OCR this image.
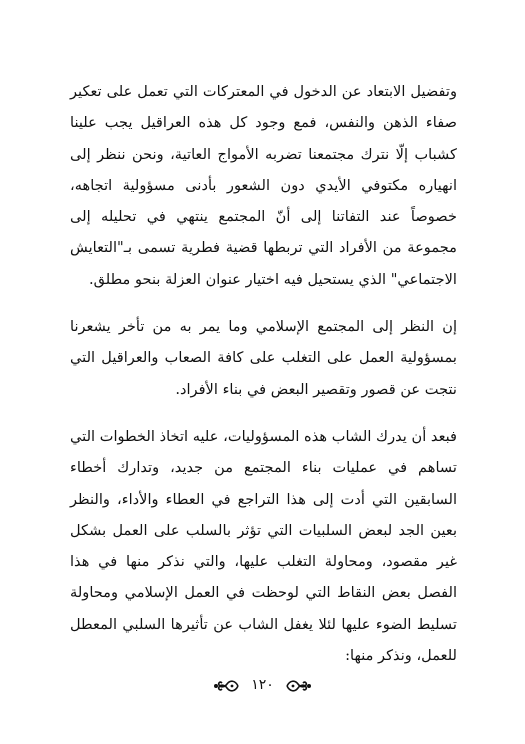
وتفضيل الابتعاد عن الدخول في المعتركات التي تعمل على تعكير صفاء الذهن والنفس، فمع وجود كل هذه العراقيل يجب علينا كشباب إلّا نترك مجتمعنا تضربه الأمواج العاتية، ونحن ننظر إلى انهياره مكتوفي الأيدي دون الشعور بأدنى مسؤولية اتجاهه، خصوصاً عند التفاتنا إلى أنّ المجتمع ينتهي في تحليله إلى مجموعة من الأفراد التي تربطها قضية فطرية تسمى بـ"التعايش الاجتماعي" الذي يستحيل فيه اختيار عنوان العزلة بنحو مطلق.

إن النظر إلى المجتمع الإسلامي وما يمر به من تأخر يشعرنا بمسؤولية العمل على التغلب على كافة الصعاب والعراقيل التي نتجت عن قصور وتقصير البعض في بناء الأفراد.

فبعد أن يدرك الشاب هذه المسؤوليات، عليه اتخاذ الخطوات التي تساهم في عمليات بناء المجتمع من جديد، وتدارك أخطاء السابقين التي أدت إلى هذا التراجع في العطاء والأداء، والنظر بعين الجد لبعض السلبيات التي تؤثر بالسلب على العمل بشكل غير مقصود، ومحاولة التغلب عليها، والتي نذكر منها في هذا الفصل بعض النقاط التي لوحظت في العمل الإسلامي ومحاولة تسليط الضوء عليها لئلا يغفل الشاب عن تأثيرها السلبي المعطل للعمل، ونذكر منها:

١٢٠
